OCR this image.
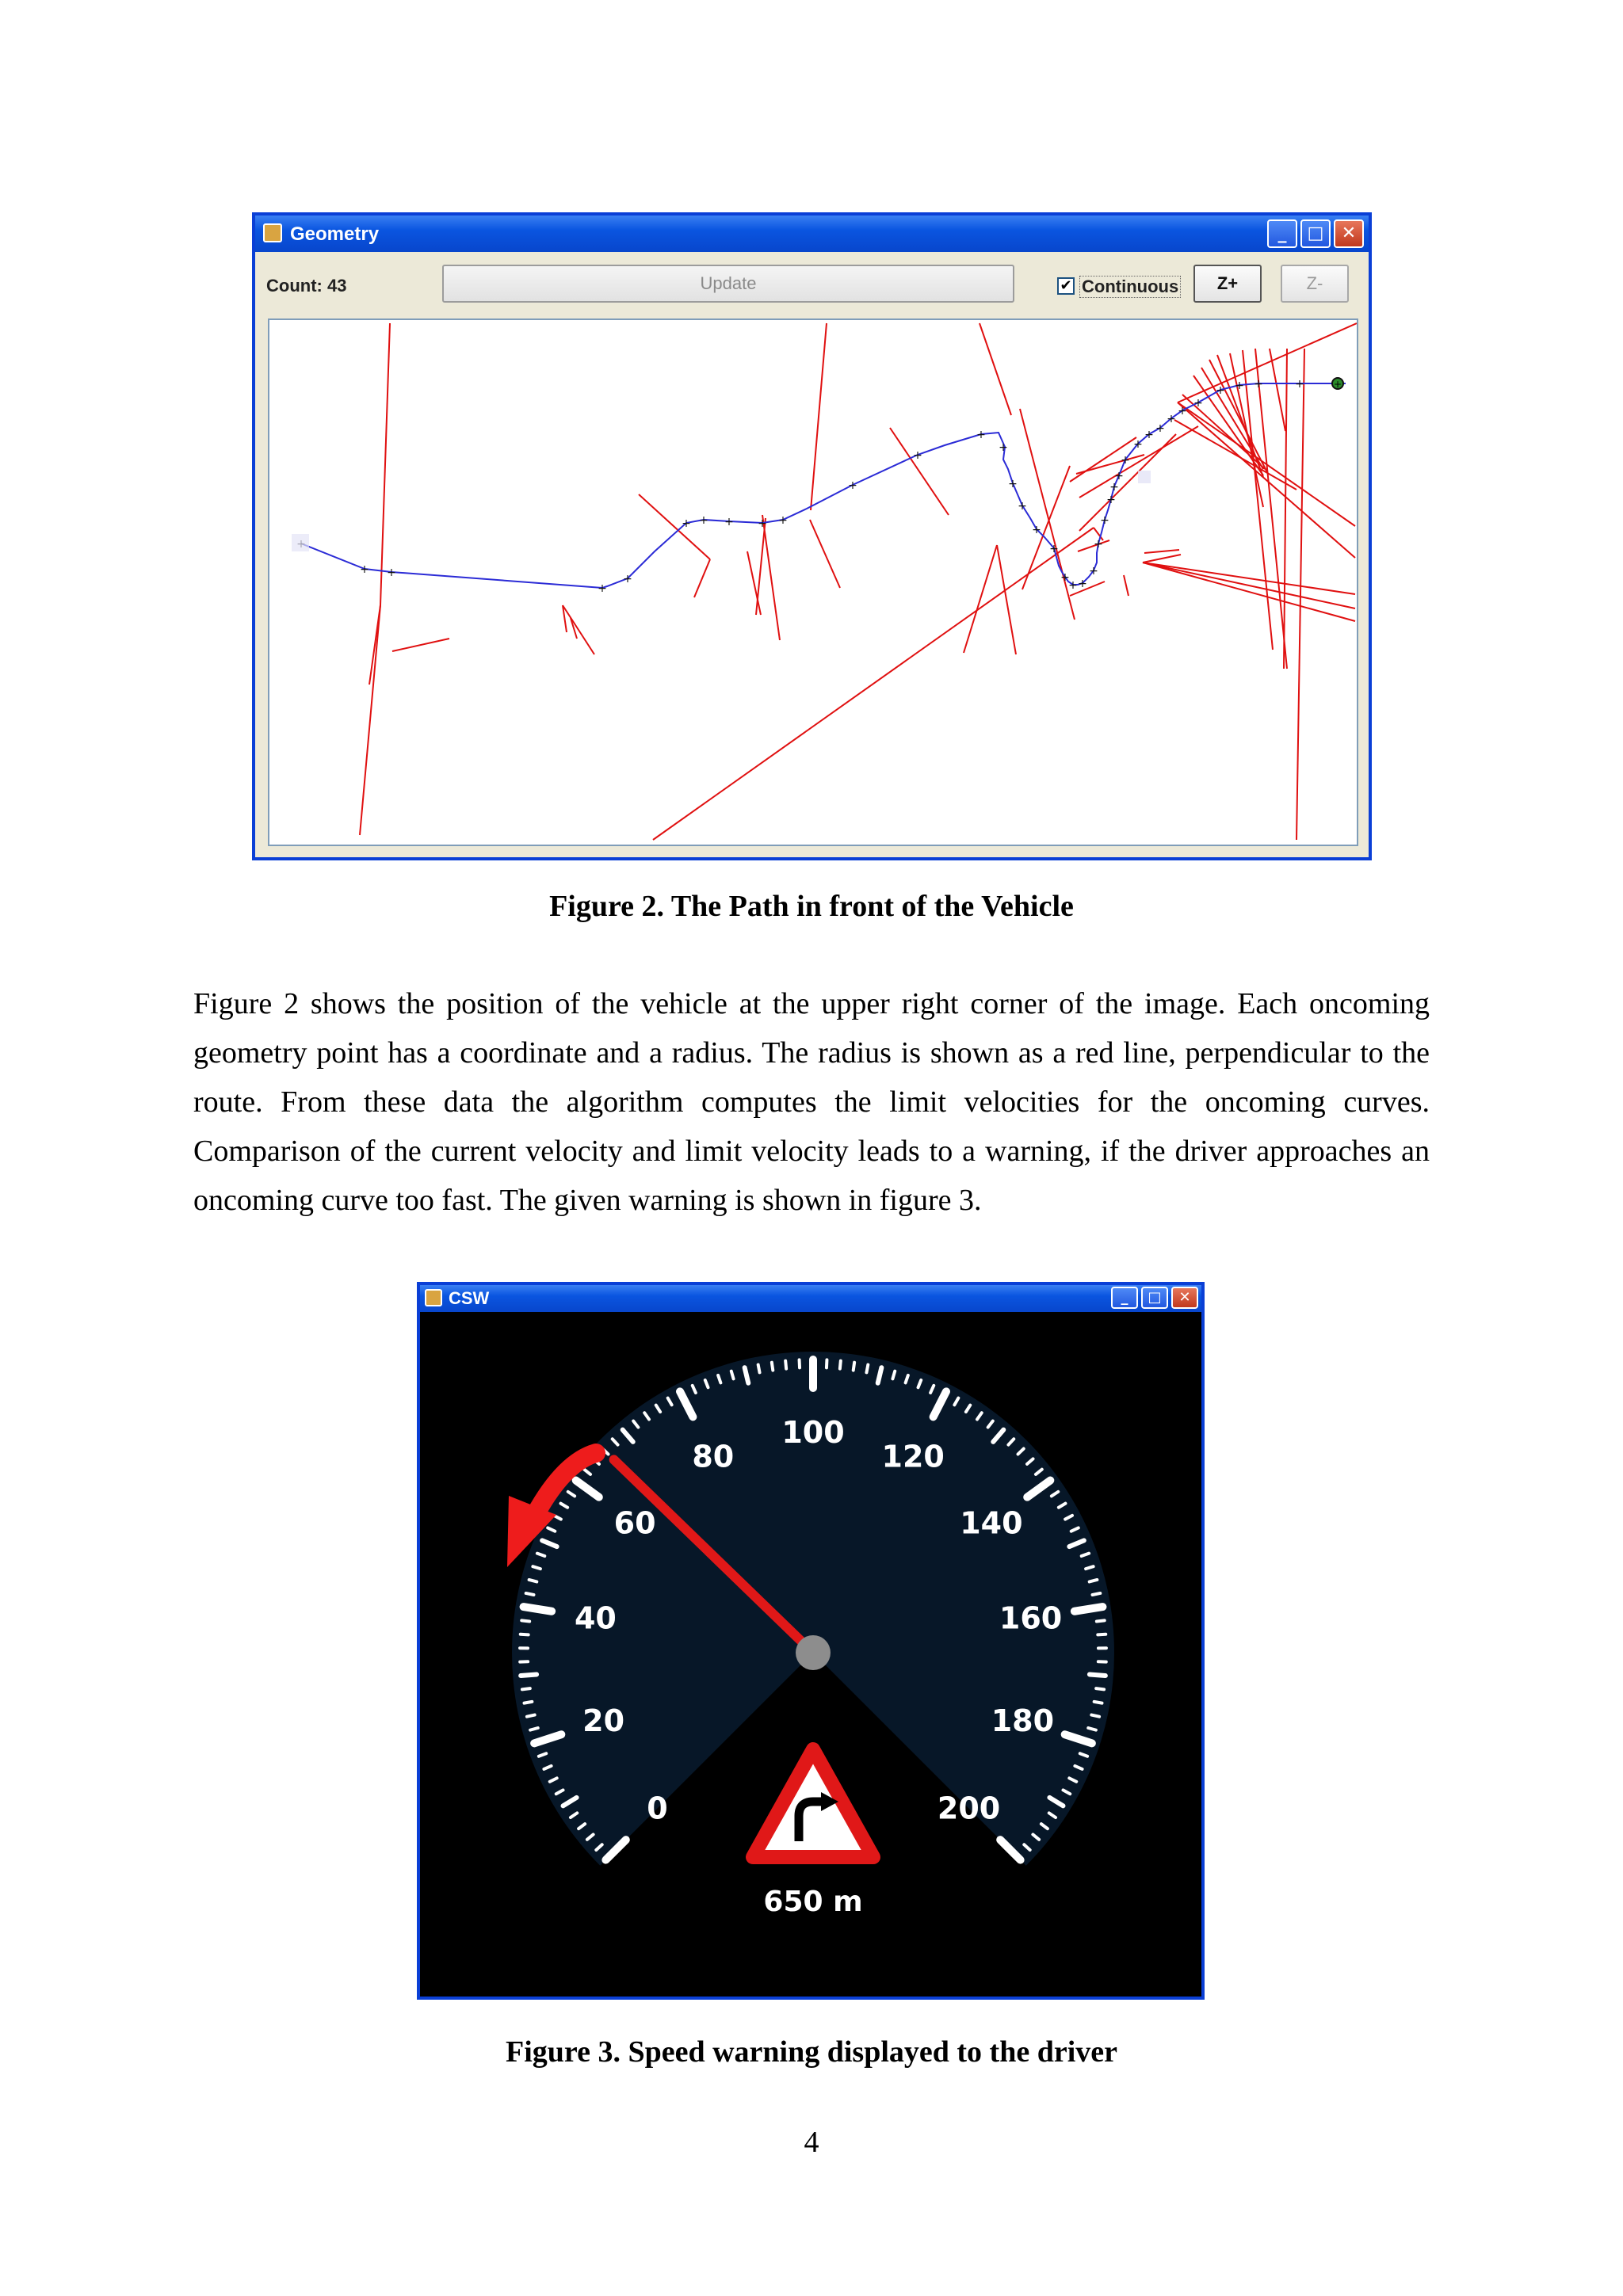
Geometry	_	□	✕
Count: 43	Update	✔ Continuous	Z+	Z-
+ +
+
+
+ + + + +
+
+
+
+
+
+
+
+
+
+ +
+
+
+
+
+
+
+
+
+ +
+
+
+
+ + +	+	+
Figure 2. The Path in front of the Vehicle
Figure 2 shows the position of the vehicle at the upper right corner of the image. Each oncoming geometry point has a coordinate and a radius. The radius is shown as a red line, perpendicular to the route. From these data the algorithm computes the limit velocities for the oncoming curves. Comparison of the current velocity and limit velocity leads to a warning, if the driver approaches an oncoming curve too fast. The given warning is shown in figure 3.
CSW	_	□	✕
0
20
40
60
80
100
120
140
160
180
200
650 m
Figure 3. Speed warning displayed to the driver
4
